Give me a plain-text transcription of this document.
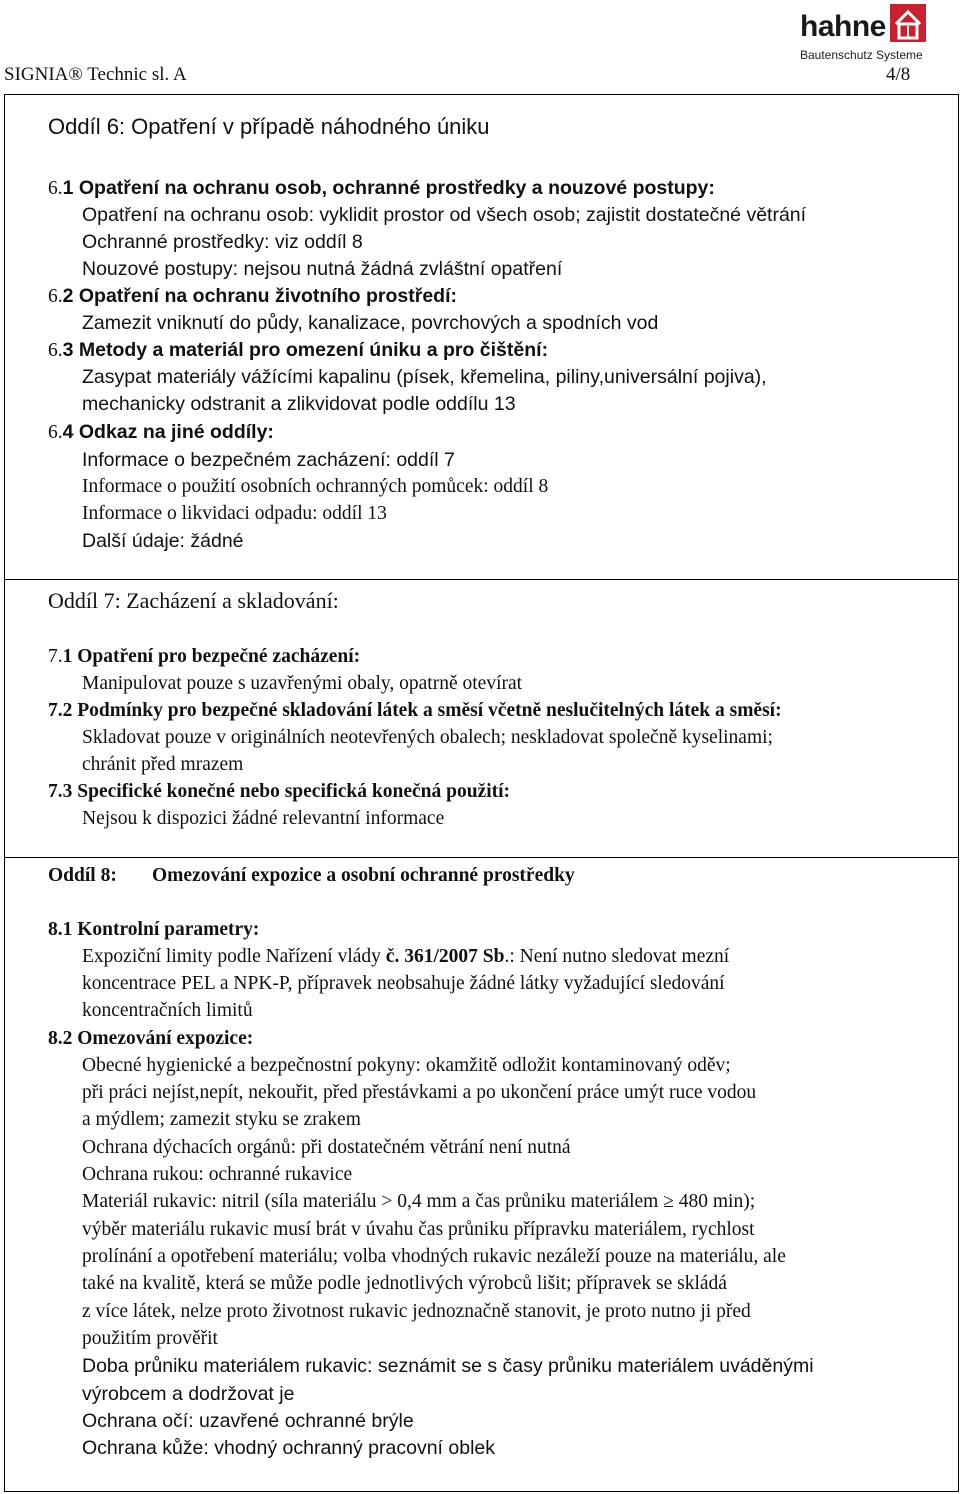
SIGNIA® Technic sl. A	4/8
hahne
Bautenschutz Systeme
Oddíl 6: Opatření v případě náhodného úniku
6.1 Opatření na ochranu osob, ochranné prostředky a nouzové postupy:
Opatření na ochranu osob: vyklidit prostor od všech osob; zajistit dostatečné větrání
Ochranné prostředky: viz oddíl 8
Nouzové postupy: nejsou nutná žádná zvláštní opatření
6.2 Opatření na ochranu životního prostředí:
Zamezit vniknutí do půdy, kanalizace, povrchových a spodních vod
6.3 Metody a materiál pro omezení úniku a pro čištění:
Zasypat materiály vážícími kapalinu (písek, křemelina, piliny,universální pojiva),
mechanicky odstranit a zlikvidovat podle oddílu 13
6.4 Odkaz na jiné oddíly:
Informace o bezpečném zacházení: oddíl 7
Informace o použití osobních ochranných pomůcek: oddíl 8
Informace o likvidaci odpadu: oddíl 13
Další údaje: žádné
Oddíl 7: Zacházení a skladování:
7.1 Opatření pro bezpečné zacházení:
Manipulovat pouze s uzavřenými obaly, opatrně otevírat
7.2 Podmínky pro bezpečné skladování látek a směsí včetně neslučitelných látek a směsí:
Skladovat pouze v originálních neotevřených obalech; neskladovat společně kyselinami;
chránit před mrazem
7.3 Specifické konečné nebo specifická konečná použití:
Nejsou k dispozici žádné relevantní informace
Oddíl 8: Omezování expozice a osobní ochranné prostředky
8.1 Kontrolní parametry:
Expoziční limity podle Nařízení vlády č. 361/2007 Sb.: Není nutno sledovat mezní
koncentrace PEL a NPK-P, přípravek neobsahuje žádné látky vyžadující sledování
koncentračních limitů
8.2 Omezování expozice:
Obecné hygienické a bezpečnostní pokyny: okamžitě odložit kontaminovaný oděv;
při práci nejíst,nepít, nekouřit, před přestávkami a po ukončení práce umýt ruce vodou
a mýdlem; zamezit styku se zrakem
Ochrana dýchacích orgánů: při dostatečném větrání není nutná
Ochrana rukou: ochranné rukavice
Materiál rukavic: nitril (síla materiálu > 0,4 mm a čas průniku materiálem ≥ 480 min);
výběr materiálu rukavic musí brát v úvahu čas průniku přípravku materiálem, rychlost
prolínání a opotřebení materiálu; volba vhodných rukavic nezáleží pouze na materiálu, ale
také na kvalitě, která se může podle jednotlivých výrobců lišit; přípravek se skládá
z více látek, nelze proto životnost rukavic jednoznačně stanovit, je proto nutno ji před
použitím prověřit
Doba průniku materiálem rukavic: seznámit se s časy průniku materiálem uváděnými
výrobcem a dodržovat je
Ochrana očí: uzavřené ochranné brýle
Ochrana kůže: vhodný ochranný pracovní oblek
